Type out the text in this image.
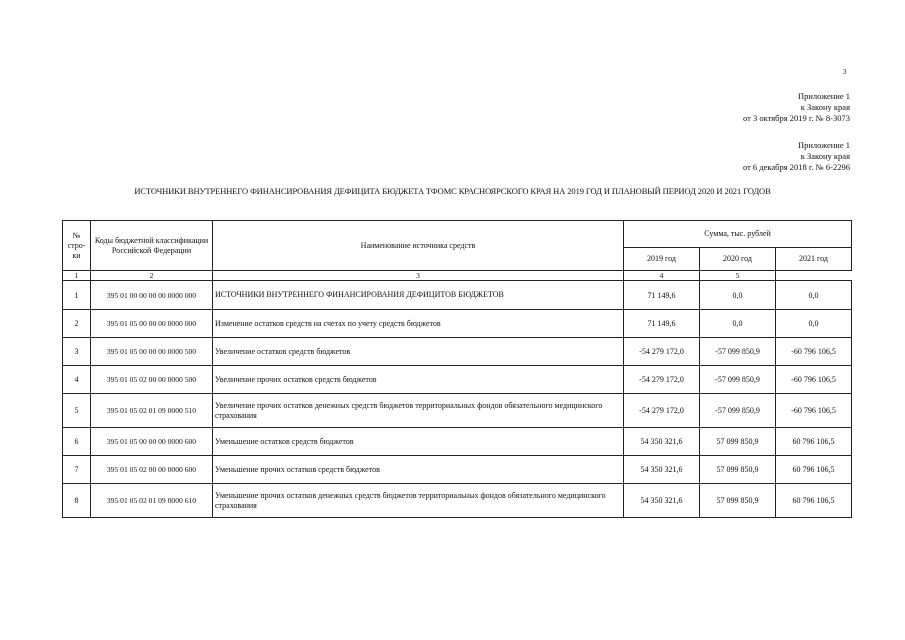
3
Приложение 1
к Закону края
от 3 октября 2019 г. № 8-3073
Приложение 1
к Закону края
от 6 декабря 2018 г. № 6-2296
ИСТОЧНИКИ ВНУТРЕННЕГО ФИНАНСИРОВАНИЯ ДЕФИЦИТА БЮДЖЕТА ТФОМС КРАСНОЯРСКОГО КРАЯ НА 2019 ГОД И ПЛАНОВЫЙ ПЕРИОД 2020 И 2021 ГОДОВ
№ стро-ки	Коды бюджетной классификации Российской Федерации	Наименование источника средств	Сумма, тыс. рублей		
			2019 год	2020 год	2021 год
1	2	3	4	5
1	395 01 00 00 00 00 0000 000	ИСТОЧНИКИ ВНУТРЕННЕГО ФИНАНСИРОВАНИЯ ДЕФИЦИТОВ БЮДЖЕТОВ	71 149,6	0,0	0,0
2	395 01 05 00 00 00 0000 000	Изменение остатков средств на счетах по учету средств бюджетов	71 149,6	0,0	0,0
3	395 01 05 00 00 00 0000 500	Увеличение остатков средств бюджетов	-54 279 172,0	-57 099 850,9	-60 796 106,5
4	395 01 05 02 00 00 0000 500	Увеличение прочих остатков средств бюджетов	-54 279 172,0	-57 099 850,9	-60 796 106,5
5	395 01 05 02 01 09 0000 510	Увеличение прочих остатков денежных средств бюджетов территориальных фондов обязательного медицинского страхования	-54 279 172,0	-57 099 850,9	-60 796 106,5
6	395 01 05 00 00 00 0000 600	Уменьшение остатков средств бюджетов	54 350 321,6	57 099 850,9	60 796 106,5
7	395 01 05 02 00 00 0000 600	Уменьшение прочих остатков средств бюджетов	54 350 321,6	57 099 850,9	60 796 106,5
8	395 01 05 02 01 09 0000 610	Уменьшение прочих остатков денежных средств бюджетов территориальных фондов обязательного медицинского страхования	54 350 321,6	57 099 850,9	60 796 106,5
